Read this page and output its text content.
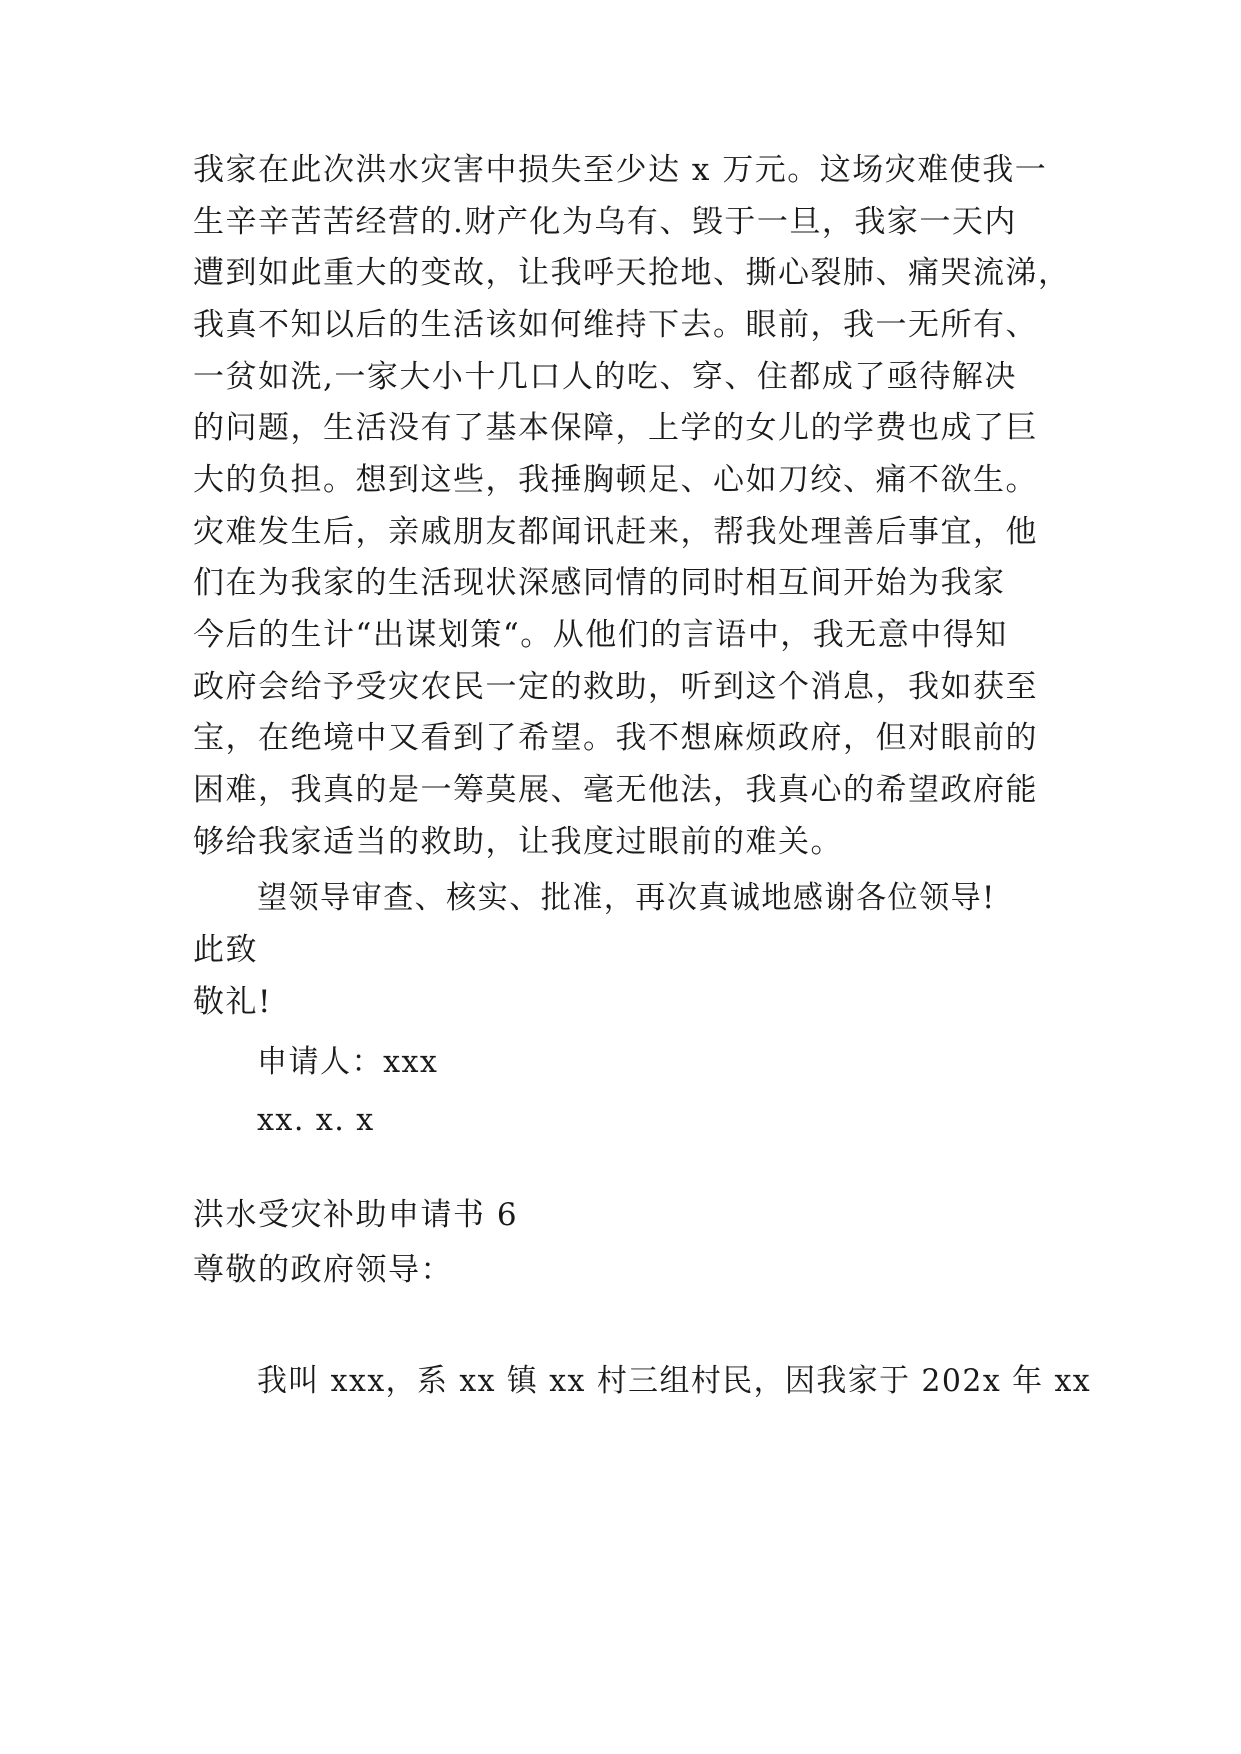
我家在此次洪水灾害中损失至少达 x 万元。这场灾难使我一
生辛辛苦苦经营的.财产化为乌有、毁于一旦，我家一天内
遭到如此重大的变故，让我呼天抢地、撕心裂肺、痛哭流涕，
我真不知以后的生活该如何维持下去。眼前，我一无所有、
一贫如洗,一家大小十几口人的吃、穿、住都成了亟待解决
的问题，生活没有了基本保障，上学的女儿的学费也成了巨
大的负担。想到这些，我捶胸顿足、心如刀绞、痛不欲生。
灾难发生后，亲戚朋友都闻讯赶来，帮我处理善后事宜，他
们在为我家的生活现状深感同情的同时相互间开始为我家
今后的生计“出谋划策“。从他们的言语中，我无意中得知
政府会给予受灾农民一定的救助，听到这个消息，我如获至
宝，在绝境中又看到了希望。我不想麻烦政府，但对眼前的
困难，我真的是一筹莫展、毫无他法，我真心的希望政府能
够给我家适当的救助，让我度过眼前的难关。
望领导审查、核实、批准，再次真诚地感谢各位领导!
此致
敬礼!
申请人：xxx
xx. x. x
洪水受灾补助申请书 6
尊敬的政府领导：
我叫 xxx，系 xx 镇 xx 村三组村民，因我家于 202x 年 xx
